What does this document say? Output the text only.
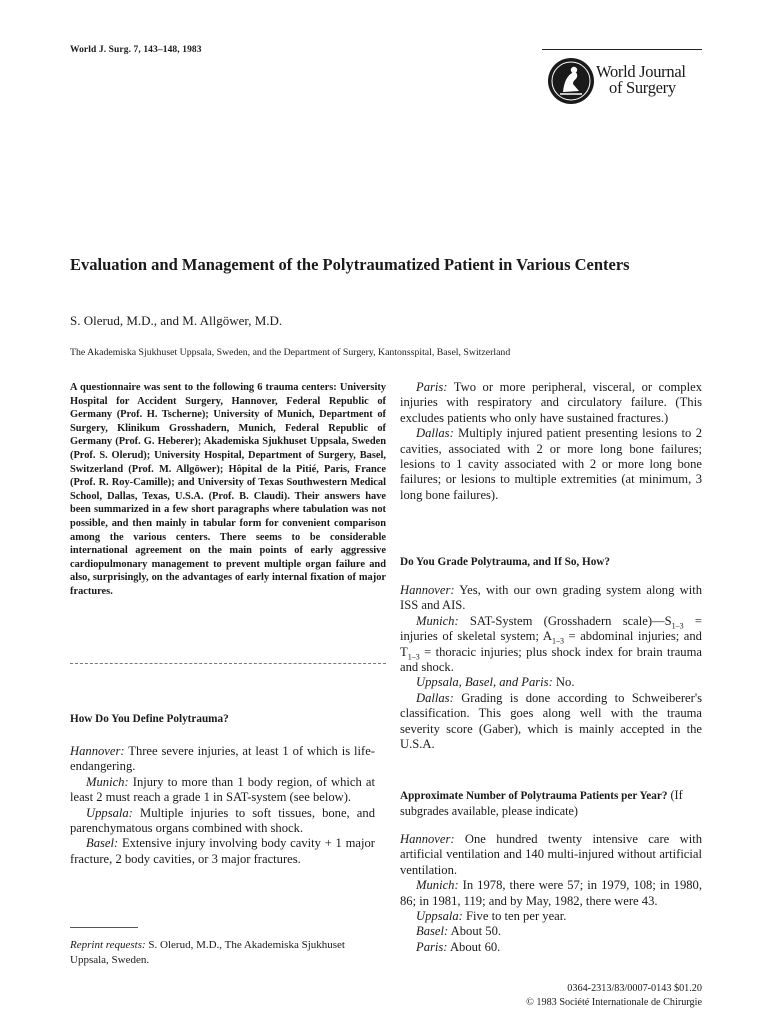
World J. Surg. 7, 143–148, 1983
World Journal
of Surgery
Evaluation and Management of the Polytraumatized Patient in Various Centers
S. Olerud, M.D., and M. Allgöwer, M.D.
The Akademiska Sjukhuset Uppsala, Sweden, and the Department of Surgery, Kantonsspital, Basel, Switzerland
A questionnaire was sent to the following 6 trauma centers: University Hospital for Accident Surgery, Hannover, Federal Republic of Germany (Prof. H. Tscherne); University of Munich, Department of Surgery, Klinikum Grosshadern, Munich, Federal Republic of Germany (Prof. G. Heberer); Akademiska Sjukhuset Uppsala, Sweden (Prof. S. Olerud); University Hospital, Department of Surgery, Basel, Switzerland (Prof. M. Allgöwer); Hôpital de la Pitié, Paris, France (Prof. R. Roy-Camille); and University of Texas Southwestern Medical School, Dallas, Texas, U.S.A. (Prof. B. Claudi). Their answers have been summarized in a few short paragraphs where tabulation was not possible, and then mainly in tabular form for convenient comparison among the various centers. There seems to be considerable international agreement on the main points of early aggressive cardiopulmonary management to prevent multiple organ failure and also, surprisingly, on the advantages of early internal fixation of major fractures.
How Do You Define Polytrauma?

Hannover: Three severe injuries, at least 1 of which is life-endangering.

Munich: Injury to more than 1 body region, of which at least 2 must reach a grade 1 in SAT-system (see below).

Uppsala: Multiple injuries to soft tissues, bone, and parenchymatous organs combined with shock.

Basel: Extensive injury involving body cavity + 1 major fracture, 2 body cavities, or 3 major fractures.

Reprint requests: S. Olerud, M.D., The Akademiska Sjukhuset Uppsala, Sweden.

Paris: Two or more peripheral, visceral, or complex injuries with respiratory and circulatory failure. (This excludes patients who only have sustained fractures.)

Dallas: Multiply injured patient presenting lesions to 2 cavities, associated with 2 or more long bone failures; lesions to 1 cavity associated with 2 or more long bone failures; or lesions to multiple extremities (at minimum, 3 long bone failures).

Do You Grade Polytrauma, and If So, How?

Hannover: Yes, with our own grading system along with ISS and AIS.

Munich: SAT-System (Grosshadern $scale)—S_{1-3}$ = injuries of skeletal system; $A_{1-3}$ = abdominal injuries; and $T_{1-3}$ = thoracic injuries; plus shock index for brain trauma and shock.

Uppsala, Basel, and Paris: No.

Dallas: Grading is done according to Schweiberer's classification. This goes along well with the trauma severity score (Gaber), which is mainly accepted in the U.S.A.

Approximate Number of Polytrauma Patients per Year? (If subgrades available, please indicate)

Hannover: One hundred twenty intensive care with artificial ventilation and 140 multi-injured without artificial ventilation.

Munich: In 1978, there were 57; in 1979, 108; in 1980, 86; in 1981, 119; and by May, 1982, there were 43.

Uppsala: Five to ten per year.

Basel: About 50.

Paris: About 60.

0364-2313/83/0007-0143 $01.20
© 1983 Société Internationale de Chirurgie
